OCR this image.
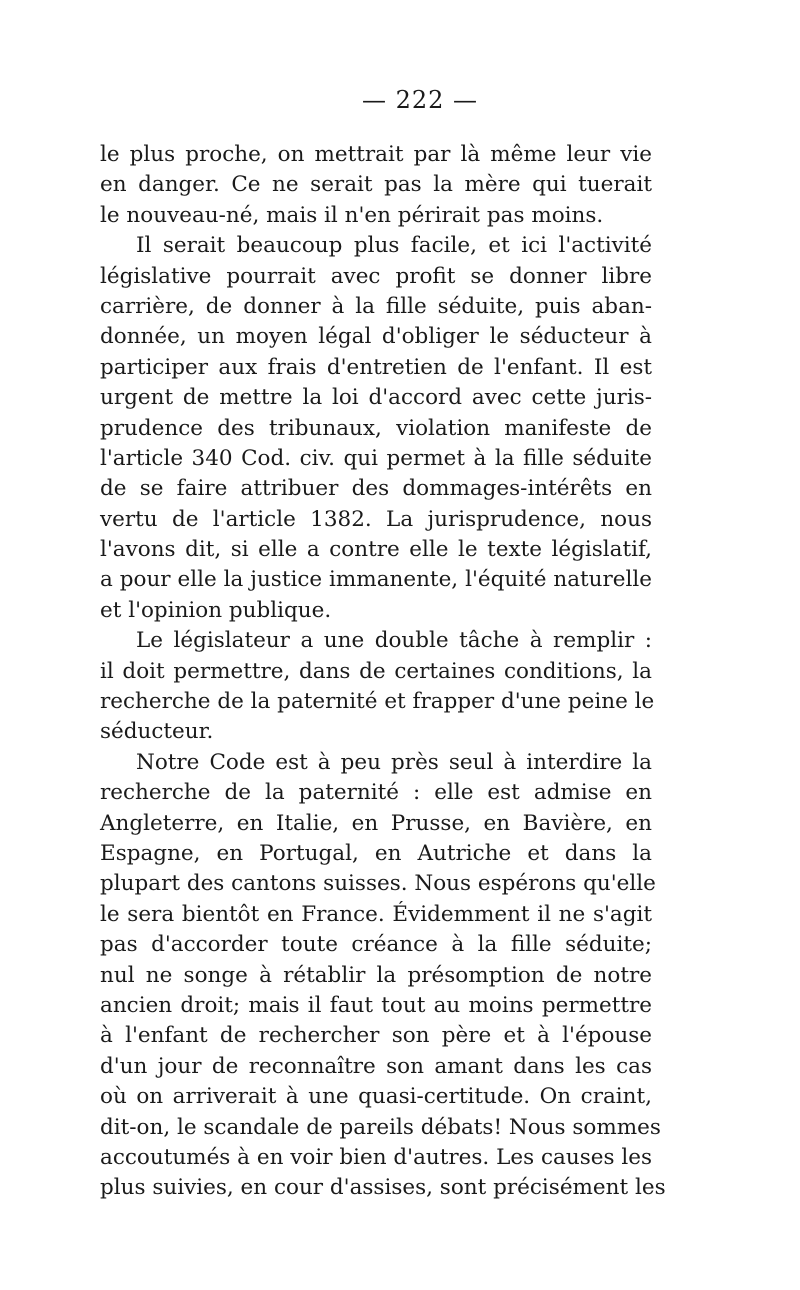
— 222 —
le plus proche, on mettrait par là même leur vie
en danger. Ce ne serait pas la mère qui tuerait
le nouveau-né, mais il n'en périrait pas moins.
Il serait beaucoup plus facile, et ici l'activité
législative pourrait avec profit se donner libre
carrière, de donner à la fille séduite, puis aban-
donnée, un moyen légal d'obliger le séducteur à
participer aux frais d'entretien de l'enfant. Il est
urgent de mettre la loi d'accord avec cette juris-
prudence des tribunaux, violation manifeste de
l'article 340 Cod. civ. qui permet à la fille séduite
de se faire attribuer des dommages-intérêts en
vertu de l'article 1382. La jurisprudence, nous
l'avons dit, si elle a contre elle le texte législatif,
a pour elle la justice immanente, l'équité naturelle
et l'opinion publique.
Le législateur a une double tâche à remplir :
il doit permettre, dans de certaines conditions, la
recherche de la paternité et frapper d'une peine le
séducteur.
Notre Code est à peu près seul à interdire la
recherche de la paternité : elle est admise en
Angleterre, en Italie, en Prusse, en Bavière, en
Espagne, en Portugal, en Autriche et dans la
plupart des cantons suisses. Nous espérons qu'elle
le sera bientôt en France. Évidemment il ne s'agit
pas d'accorder toute créance à la fille séduite;
nul ne songe à rétablir la présomption de notre
ancien droit; mais il faut tout au moins permettre
à l'enfant de rechercher son père et à l'épouse
d'un jour de reconnaître son amant dans les cas
où on arriverait à une quasi-certitude. On craint,
dit-on, le scandale de pareils débats! Nous sommes
accoutumés à en voir bien d'autres. Les causes les
plus suivies, en cour d'assises, sont précisément les
